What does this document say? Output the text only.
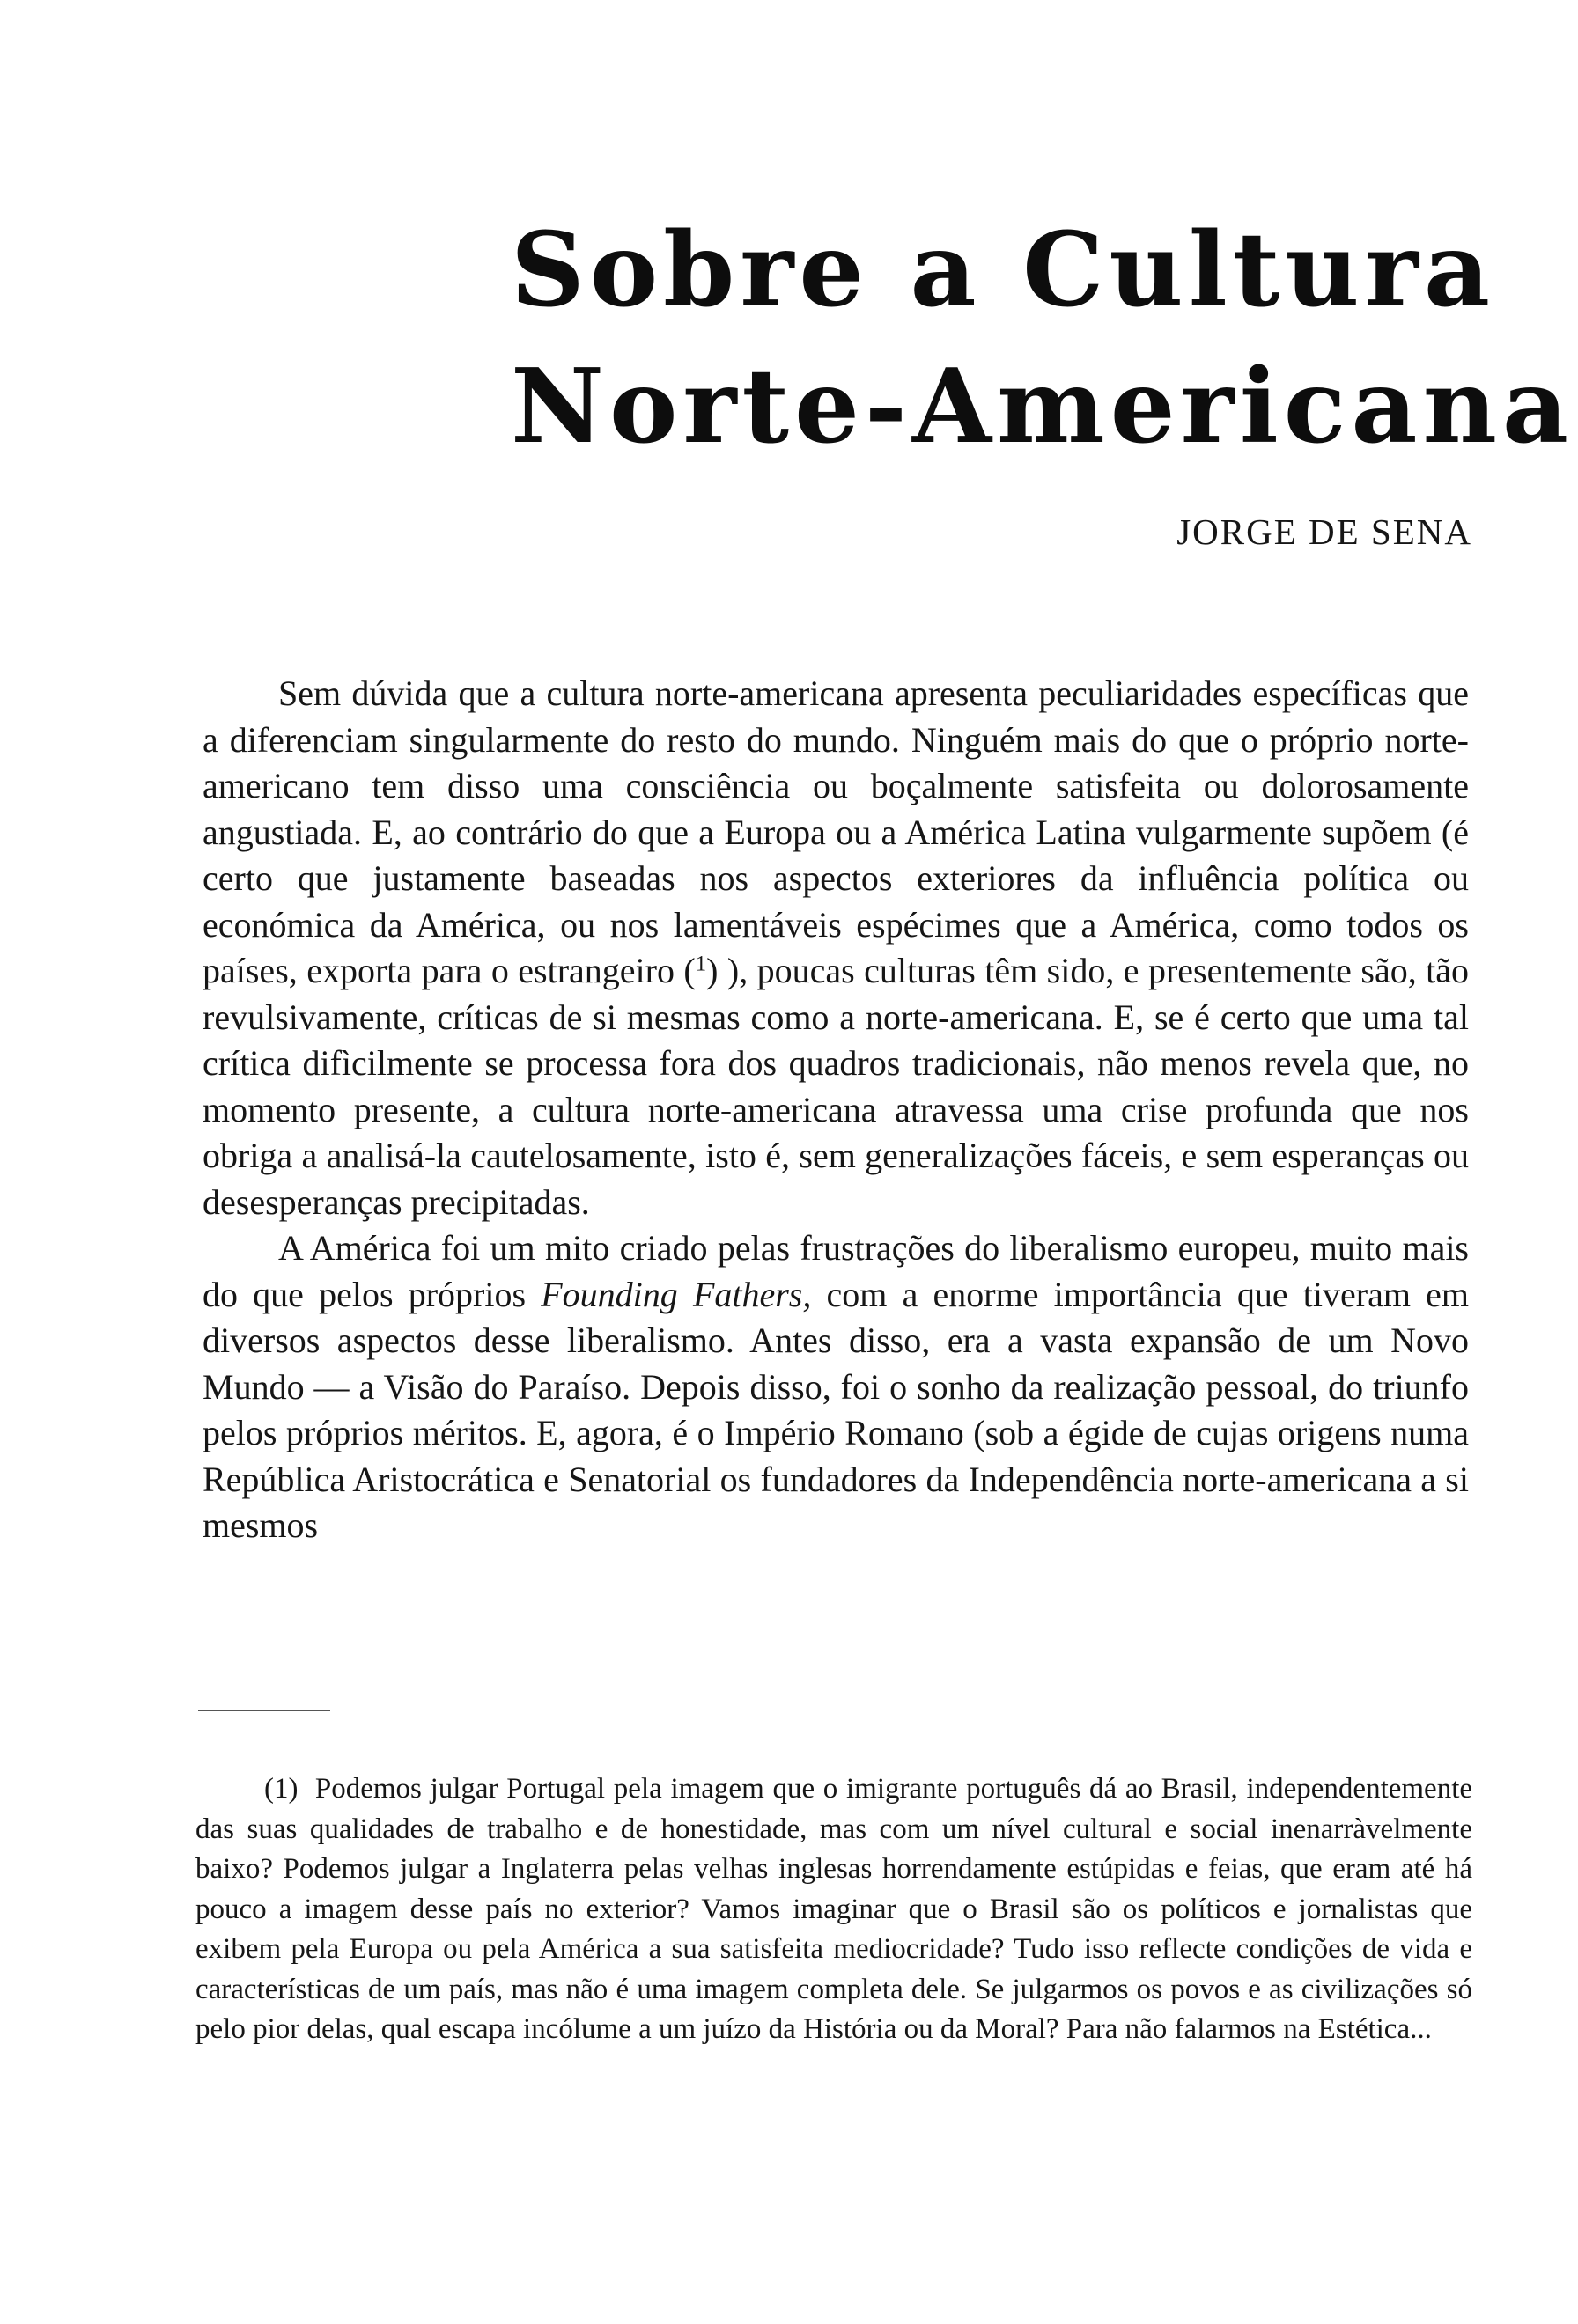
Sobre a Cultura
Norte-Americana

JORGE DE SENA

Sem dúvida que a cultura norte-americana apresenta peculiaridades específicas que a diferenciam singularmente do resto do mundo. Ninguém mais do que o próprio norte-americano tem disso uma consciência ou boçalmente satisfeita ou dolorosamente angustiada. E, ao contrário do que a Europa ou a América Latina vulgarmente supõem (é certo que justamente baseadas nos aspectos exteriores da influência política ou económica da América, ou nos lamentáveis espécimes que a América, como todos os países, exporta para o estrangeiro ($^1$) ), poucas culturas têm sido, e presentemente são, tão revulsivamente, críticas de si mesmas como a norte-americana. E, se é certo que uma tal crítica difìcilmente se processa fora dos quadros tradicionais, não menos revela que, no momento presente, a cultura norte-americana atravessa uma crise profunda que nos obriga a analisá-la cautelosamente, isto é, sem generalizações fáceis, e sem esperanças ou desesperanças precipitadas.

A América foi um mito criado pelas frustrações do liberalismo europeu, muito mais do que pelos próprios Founding Fathers, com a enorme importância que tiveram em diversos aspectos desse liberalismo. Antes disso, era a vasta expansão de um Novo Mundo — a Visão do Paraíso. Depois disso, foi o sonho da realização pessoal, do triunfo pelos próprios méritos. E, agora, é o Império Romano (sob a égide de cujas origens numa República Aristocrática e Senatorial os fundadores da Independência norte-americana a si mesmos

(1) Podemos julgar Portugal pela imagem que o imigrante português dá ao Brasil, independentemente das suas qualidades de trabalho e de honestidade, mas com um nível cultural e social inenarràvelmente baixo? Podemos julgar a Inglaterra pelas velhas inglesas horrendamente estúpidas e feias, que eram até há pouco a imagem desse país no exterior? Vamos imaginar que o Brasil são os políticos e jornalistas que exibem pela Europa ou pela América a sua satisfeita mediocridade? Tudo isso reflecte condições de vida e características de um país, mas não é uma imagem completa dele. Se julgarmos os povos e as civilizações só pelo pior delas, qual escapa incólume a um juízo da História ou da Moral? Para não falarmos na Estética...
